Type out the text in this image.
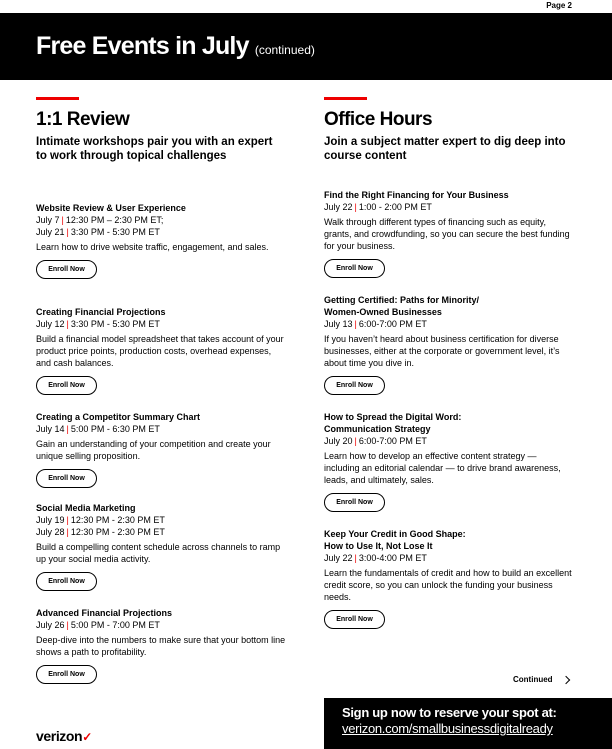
Page 2
Free Events in July (continued)
1:1 Review
Intimate workshops pair you with an expert to work through topical challenges
Website Review & User Experience
July 7 | 12:30 PM – 2:30 PM ET;
July 21 | 3:30 PM - 5:30 PM ET
Learn how to drive website traffic, engagement, and sales.
Enroll Now
Creating Financial Projections
July 12 | 3:30 PM - 5:30 PM ET
Build a financial model spreadsheet that takes account of your product price points, production costs, overhead expenses, and cash balances.
Enroll Now
Creating a Competitor Summary Chart
July 14 | 5:00 PM - 6:30 PM ET
Gain an understanding of your competition and create your unique selling proposition.
Enroll Now
Social Media Marketing
July 19 | 12:30 PM - 2:30 PM ET
July 28 | 12:30 PM - 2:30 PM ET
Build a compelling content schedule across channels to ramp up your social media activity.
Enroll Now
Advanced Financial Projections
July 26 | 5:00 PM - 7:00 PM ET
Deep-dive into the numbers to make sure that your bottom line shows a path to profitability.
Enroll Now
Office Hours
Join a subject matter expert to dig deep into course content
Find the Right Financing for Your Business
July 22 | 1:00 - 2:00 PM ET
Walk through different types of financing such as equity, grants, and crowdfunding, so you can secure the best funding for your business.
Enroll Now
Getting Certified: Paths for Minority/
Women-Owned Businesses
July 13 | 6:00-7:00 PM ET
If you haven’t heard about business certification for diverse businesses, either at the corporate or government level, it’s about time you dive in.
Enroll Now
How to Spread the Digital Word:
Communication Strategy
July 20 | 6:00-7:00 PM ET
Learn how to develop an effective content strategy — including an editorial calendar — to drive brand awareness, leads, and ultimately, sales.
Enroll Now
Keep Your Credit in Good Shape:
How to Use It, Not Lose It
July 22 | 3:00-4:00 PM ET
Learn the fundamentals of credit and how to build an excellent credit score, so you can unlock the funding your business needs.
Enroll Now
Continued
verizon✓
Sign up now to reserve your spot at:
verizon.com/smallbusinessdigitalready
